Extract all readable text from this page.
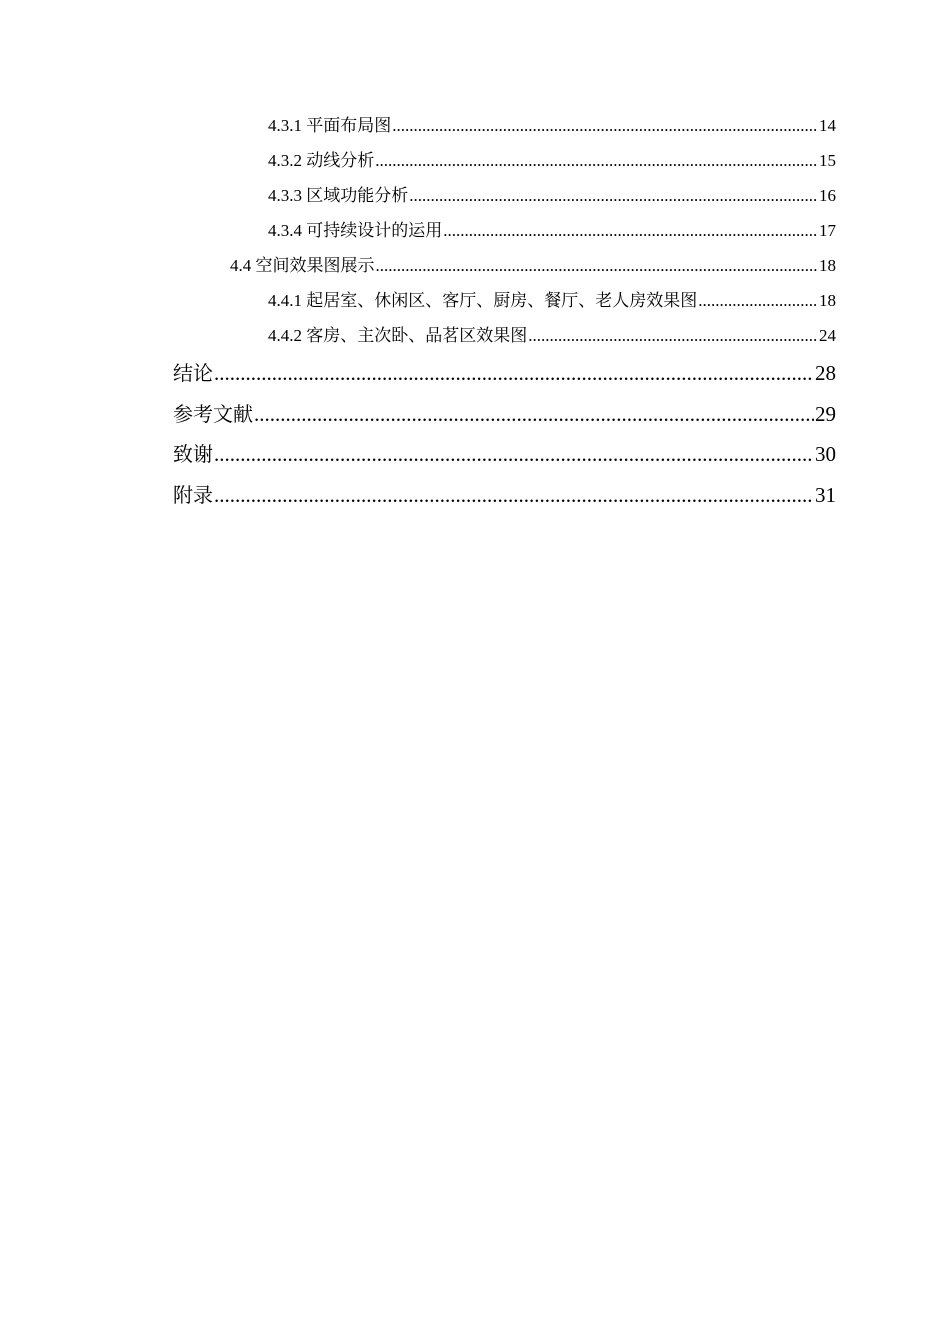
4.3.1 平面布局图 .....	14
4.3.2 动线分析 .....	15
4.3.3 区域功能分析 .....	16
4.3.4 可持续设计的运用 .....	17
4.4 空间效果图展示 .....	18
4.4.1 起居室、休闲区、客厅、厨房、餐厅、老人房效果图 .....	18
4.4.2 客房、主次卧、品茗区效果图 .....	24
结论 .....	28
参考文献 .....	29
致谢 .....	30
附录 .....	31
